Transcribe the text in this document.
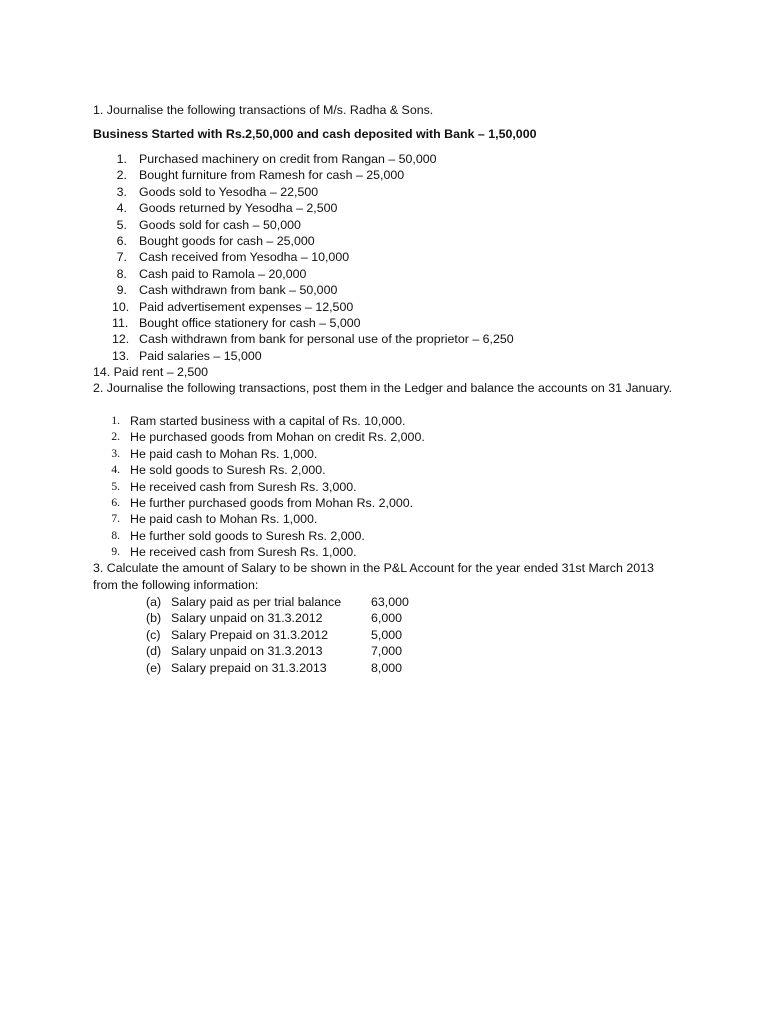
1. Journalise the following transactions of M/s. Radha & Sons.

Business Started with Rs.2,50,000 and cash deposited with Bank – 1,50,000

1. Purchased machinery on credit from Rangan – 50,000
2. Bought furniture from Ramesh for cash – 25,000
3. Goods sold to Yesodha – 22,500
4. Goods returned by Yesodha – 2,500
5. Goods sold for cash – 50,000
6. Bought goods for cash – 25,000
7. Cash received from Yesodha – 10,000
8. Cash paid to Ramola – 20,000
9. Cash withdrawn from bank – 50,000
10. Paid advertisement expenses – 12,500
11. Bought office stationery for cash – 5,000
12. Cash withdrawn from bank for personal use of the proprietor – 6,250
13. Paid salaries – 15,000

14. Paid rent – 2,500

2. Journalise the following transactions, post them in the Ledger and balance the accounts on 31 January.

1. Ram started business with a capital of Rs. 10,000.
2. He purchased goods from Mohan on credit Rs. 2,000.
3. He paid cash to Mohan Rs. 1,000.
4. He sold goods to Suresh Rs. 2,000.
5. He received cash from Suresh Rs. 3,000.
6. He further purchased goods from Mohan Rs. 2,000.
7. He paid cash to Mohan Rs. 1,000.
8. He further sold goods to Suresh Rs. 2,000.
9. He received cash from Suresh Rs. 1,000.

3. Calculate the amount of Salary to be shown in the P&L Account for the year ended 31st March 2013 from the following information:

(a) Salary paid as per trial balance 63,000
(b) Salary unpaid on 31.3.2012	6,000
(c) Salary Prepaid on 31.3.2012	5,000
(d) Salary unpaid on 31.3.2013	7,000
(e) Salary prepaid on 31.3.2013	8,000
